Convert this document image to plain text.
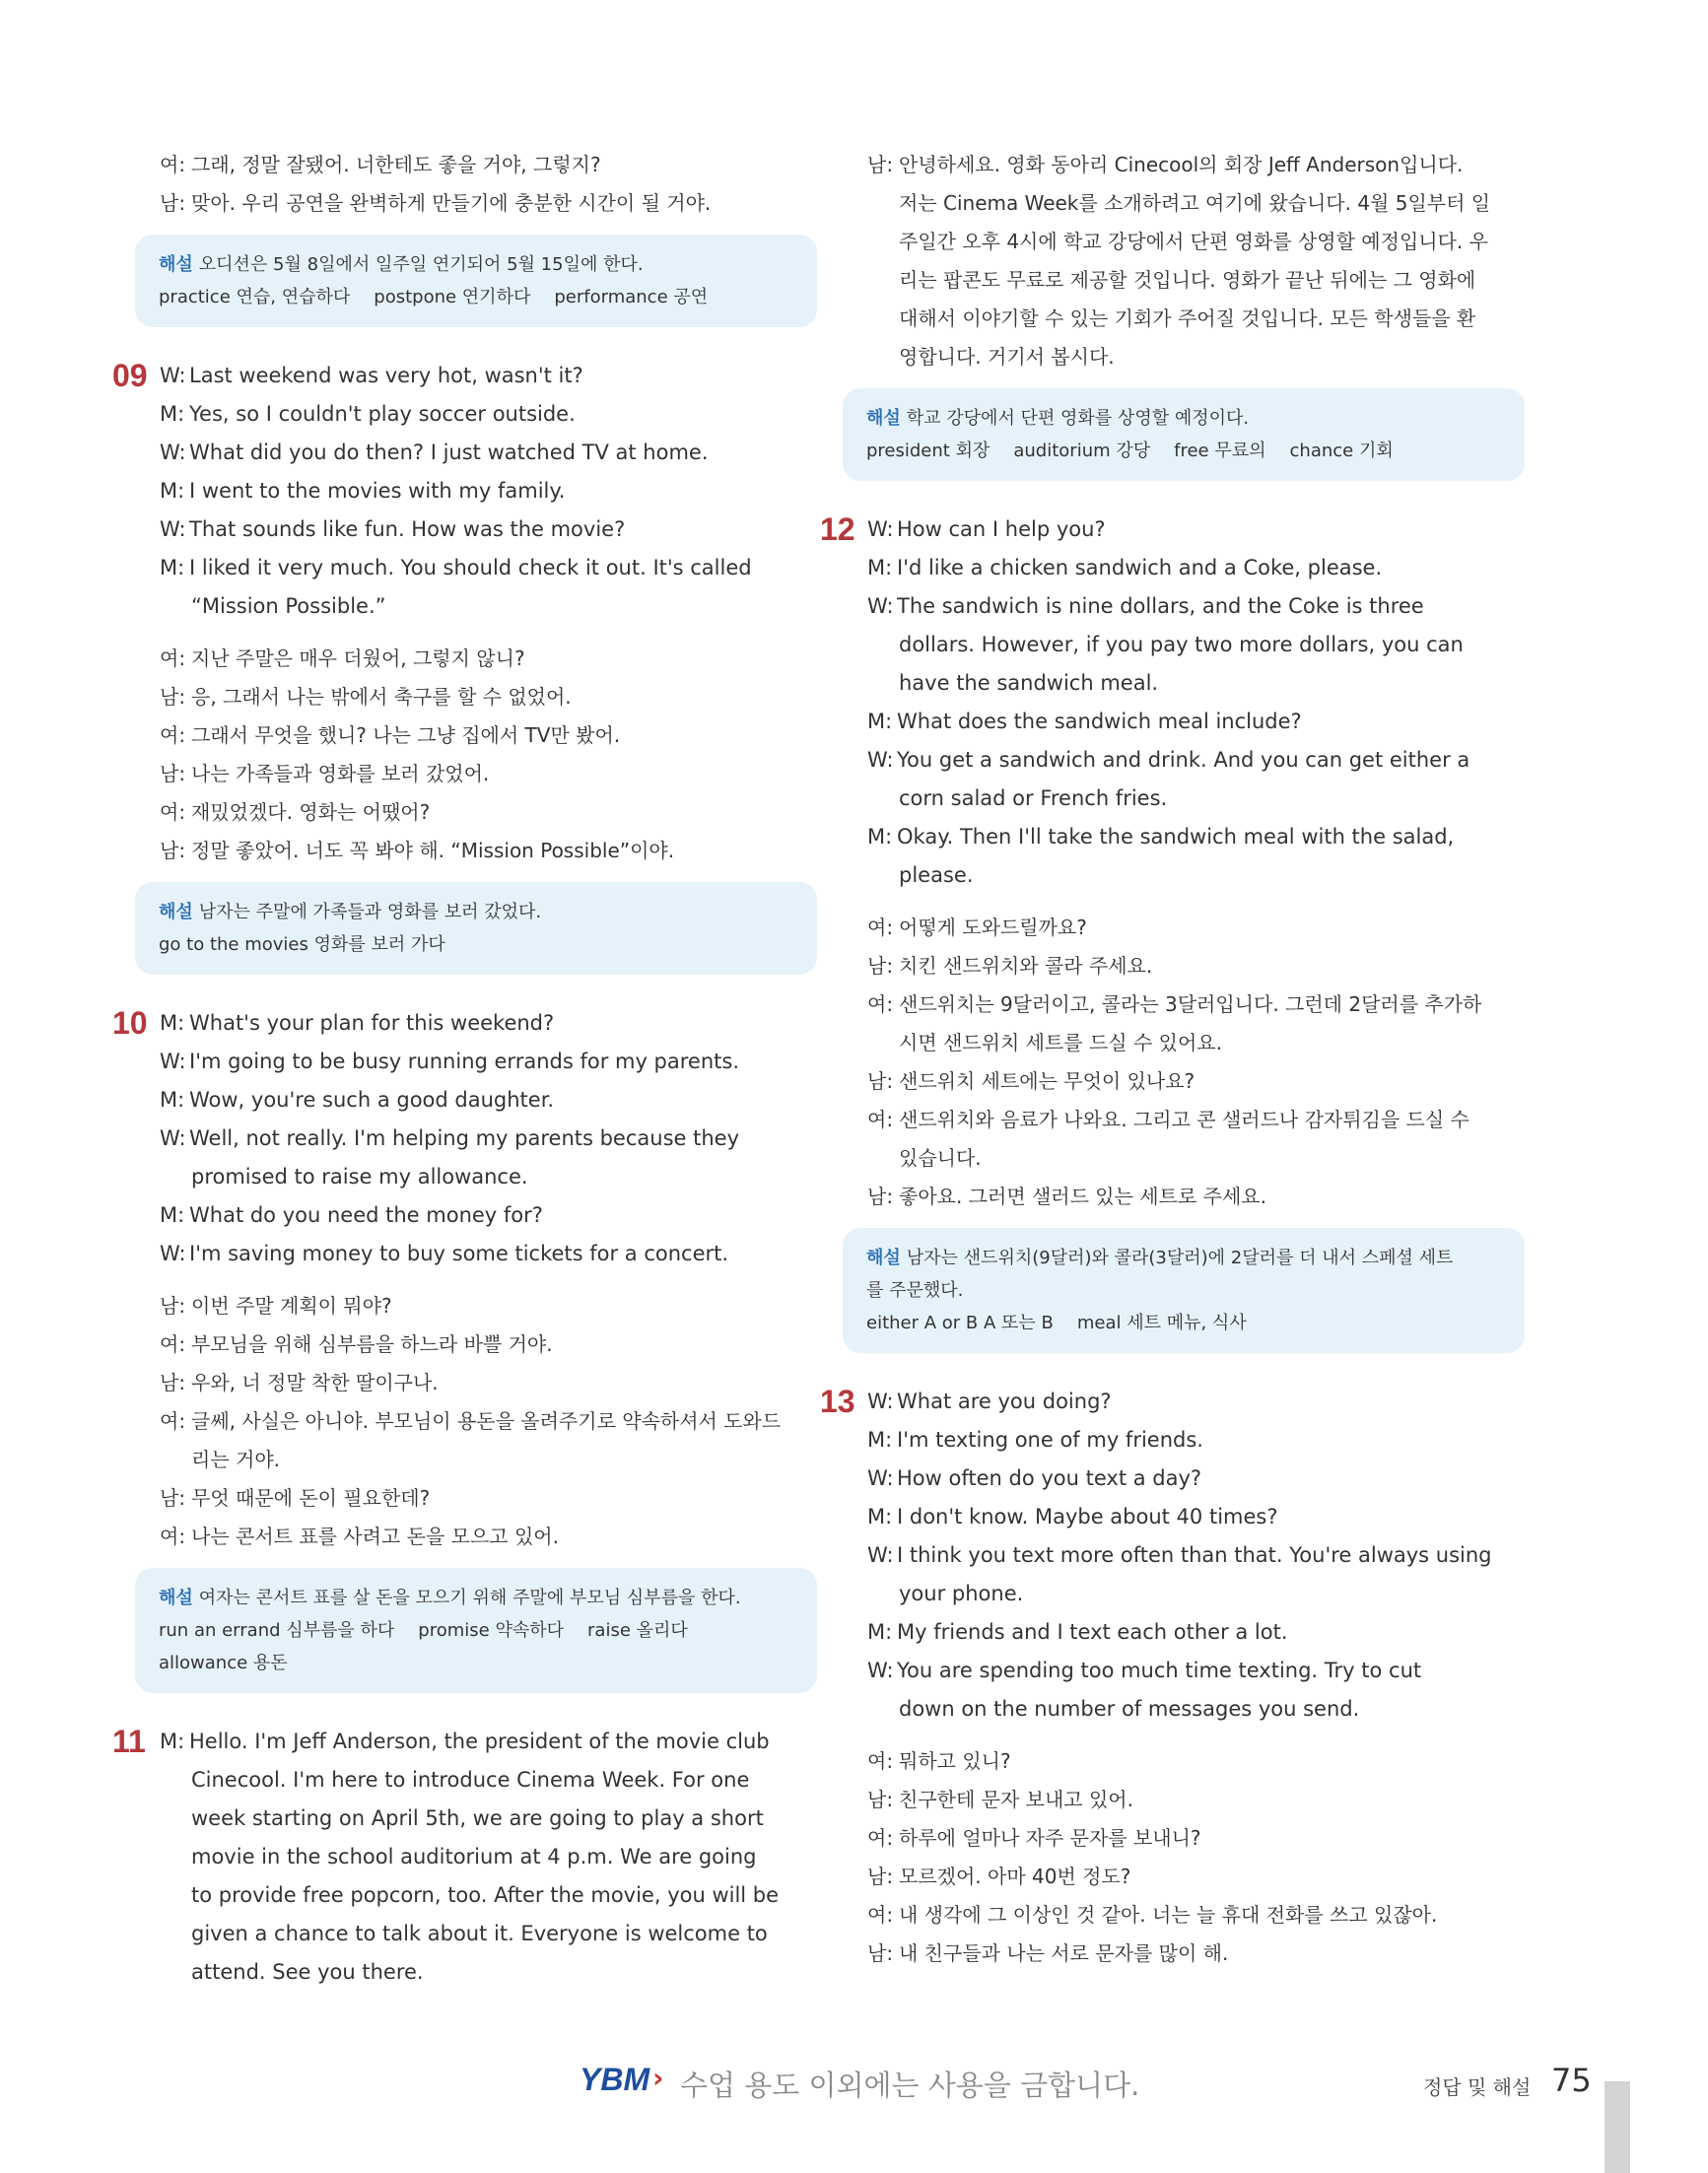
여: 그래, 정말 잘됐어. 너한테도 좋을 거야, 그렇지?
남: 맞아. 우리 공연을 완벽하게 만들기에 충분한 시간이 될 거야.
해설 오디션은 5월 8일에서 일주일 연기되어 5월 15일에 한다.
practice 연습, 연습하다 postpone 연기하다 performance 공연
09 W: Last weekend was very hot, wasn't it?
M: Yes, so I couldn't play soccer outside.
W: What did you do then? I just watched TV at home.
M: I went to the movies with my family.
W: That sounds like fun. How was the movie?
M: I liked it very much. You should check it out. It's called
“Mission Possible.”
여: 지난 주말은 매우 더웠어, 그렇지 않니?
남: 응, 그래서 나는 밖에서 축구를 할 수 없었어.
여: 그래서 무엇을 했니? 나는 그냥 집에서 TV만 봤어.
남: 나는 가족들과 영화를 보러 갔었어.
여: 재밌었겠다. 영화는 어땠어?
남: 정말 좋았어. 너도 꼭 봐야 해. “Mission Possible”이야.
해설 남자는 주말에 가족들과 영화를 보러 갔었다.
go to the movies 영화를 보러 가다
10 M: What's your plan for this weekend?
W: I'm going to be busy running errands for my parents.
M: Wow, you're such a good daughter.
W: Well, not really. I'm helping my parents because they
promised to raise my allowance.
M: What do you need the money for?
W: I'm saving money to buy some tickets for a concert.
남: 이번 주말 계획이 뭐야?
여: 부모님을 위해 심부름을 하느라 바쁠 거야.
남: 우와, 너 정말 착한 딸이구나.
여: 글쎄, 사실은 아니야. 부모님이 용돈을 올려주기로 약속하셔서 도와드
리는 거야.
남: 무엇 때문에 돈이 필요한데?
여: 나는 콘서트 표를 사려고 돈을 모으고 있어.
해설 여자는 콘서트 표를 살 돈을 모으기 위해 주말에 부모님 심부름을 한다.
run an errand 심부름을 하다 promise 약속하다 raise 올리다
allowance 용돈
11 M: Hello. I'm Jeff Anderson, the president of the movie club
Cinecool. I'm here to introduce Cinema Week. For one
week starting on April 5th, we are going to play a short
movie in the school auditorium at 4 p.m. We are going
to provide free popcorn, too. After the movie, you will be
given a chance to talk about it. Everyone is welcome to
attend. See you there.
남: 안녕하세요. 영화 동아리 Cinecool의 회장 Jeff Anderson입니다.
저는 Cinema Week를 소개하려고 여기에 왔습니다. 4월 5일부터 일
주일간 오후 4시에 학교 강당에서 단편 영화를 상영할 예정입니다. 우
리는 팝콘도 무료로 제공할 것입니다. 영화가 끝난 뒤에는 그 영화에
대해서 이야기할 수 있는 기회가 주어질 것입니다. 모든 학생들을 환
영합니다. 거기서 봅시다.
해설 학교 강당에서 단편 영화를 상영할 예정이다.
president 회장 auditorium 강당 free 무료의 chance 기회
12 W: How can I help you?
M: I'd like a chicken sandwich and a Coke, please.
W: The sandwich is nine dollars, and the Coke is three
dollars. However, if you pay two more dollars, you can
have the sandwich meal.
M: What does the sandwich meal include?
W: You get a sandwich and drink. And you can get either a
corn salad or French fries.
M: Okay. Then I'll take the sandwich meal with the salad,
please.
여: 어떻게 도와드릴까요?
남: 치킨 샌드위치와 콜라 주세요.
여: 샌드위치는 9달러이고, 콜라는 3달러입니다. 그런데 2달러를 추가하
시면 샌드위치 세트를 드실 수 있어요.
남: 샌드위치 세트에는 무엇이 있나요?
여: 샌드위치와 음료가 나와요. 그리고 콘 샐러드나 감자튀김을 드실 수
있습니다.
남: 좋아요. 그러면 샐러드 있는 세트로 주세요.
해설 남자는 샌드위치(9달러)와 콜라(3달러)에 2달러를 더 내서 스페셜 세트
를 주문했다.
either A or B A 또는 B meal 세트 메뉴, 식사
13 W: What are you doing?
M: I'm texting one of my friends.
W: How often do you text a day?
M: I don't know. Maybe about 40 times?
W: I think you text more often than that. You're always using
your phone.
M: My friends and I text each other a lot.
W: You are spending too much time texting. Try to cut
down on the number of messages you send.
여: 뭐하고 있니?
남: 친구한테 문자 보내고 있어.
여: 하루에 얼마나 자주 문자를 보내니?
남: 모르겠어. 아마 40번 정도?
여: 내 생각에 그 이상인 것 같아. 너는 늘 휴대 전화를 쓰고 있잖아.
남: 내 친구들과 나는 서로 문자를 많이 해.
YBM › 수업 용도 이외에는 사용을 금합니다.	정답 및 해설 75
